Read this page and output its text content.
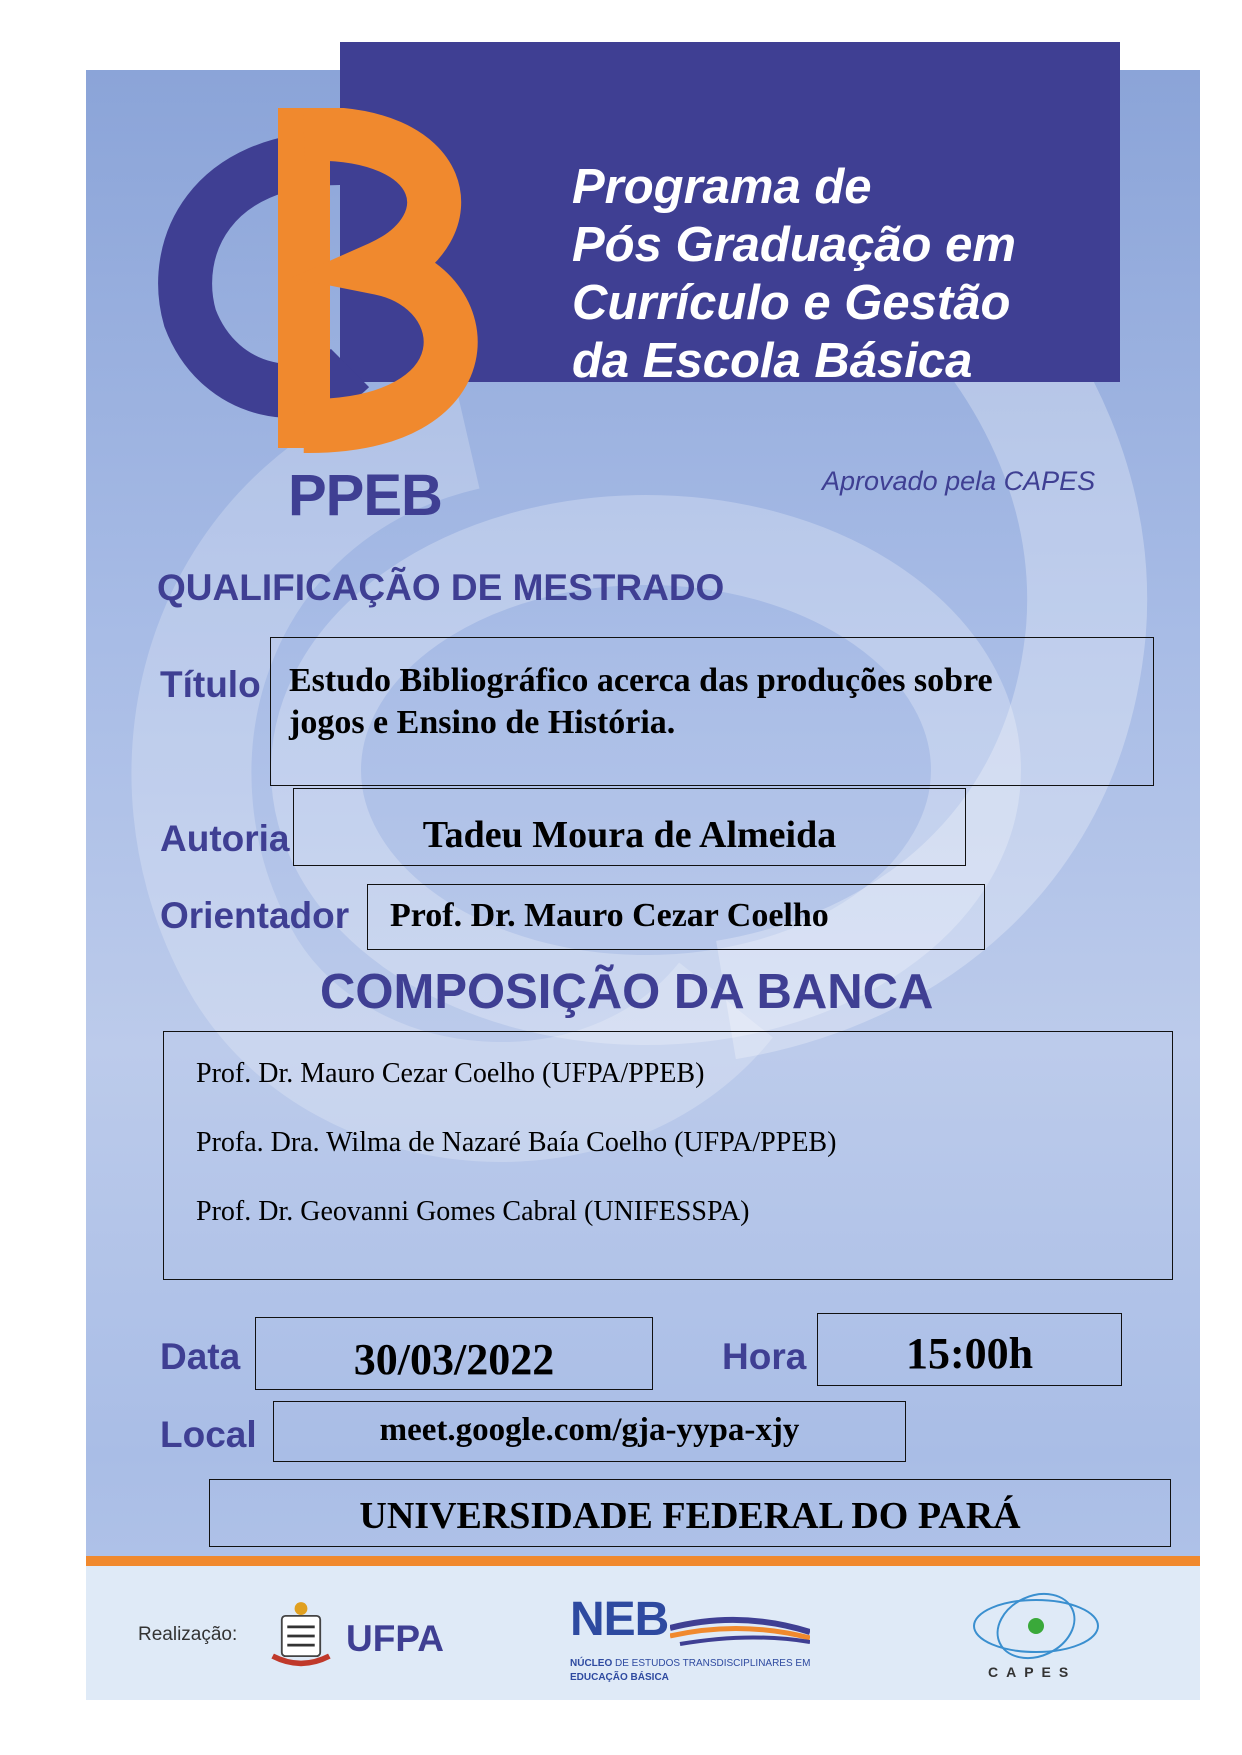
Programa de
Pós Graduação em
Currículo e Gestão
da Escola Básica
PPEB	Aprovado pela CAPES
QUALIFICAÇÃO DE MESTRADO
Título Estudo Bibliográfico acerca das produções sobre
jogos e Ensino de História.
Autoria	Tadeu Moura de Almeida
Orientador Prof. Dr. Mauro Cezar Coelho
COMPOSIÇÃO DA BANCA
Prof. Dr. Mauro Cezar Coelho (UFPA/PPEB)
Profa. Dra. Wilma de Nazaré Baía Coelho (UFPA/PPEB)
Prof. Dr. Geovanni Gomes Cabral (UNIFESSPA)
Data	30/03/2022	Hora	15:00h
Local	meet.google.com/gja-yypa-xjy
UNIVERSIDADE FEDERAL DO PARÁ
Realização:	UFPA	NEB
NÚCLEO DE ESTUDOS TRANSDISCIPLINARES EM
EDUCAÇÃO BÁSICA	CAPES
